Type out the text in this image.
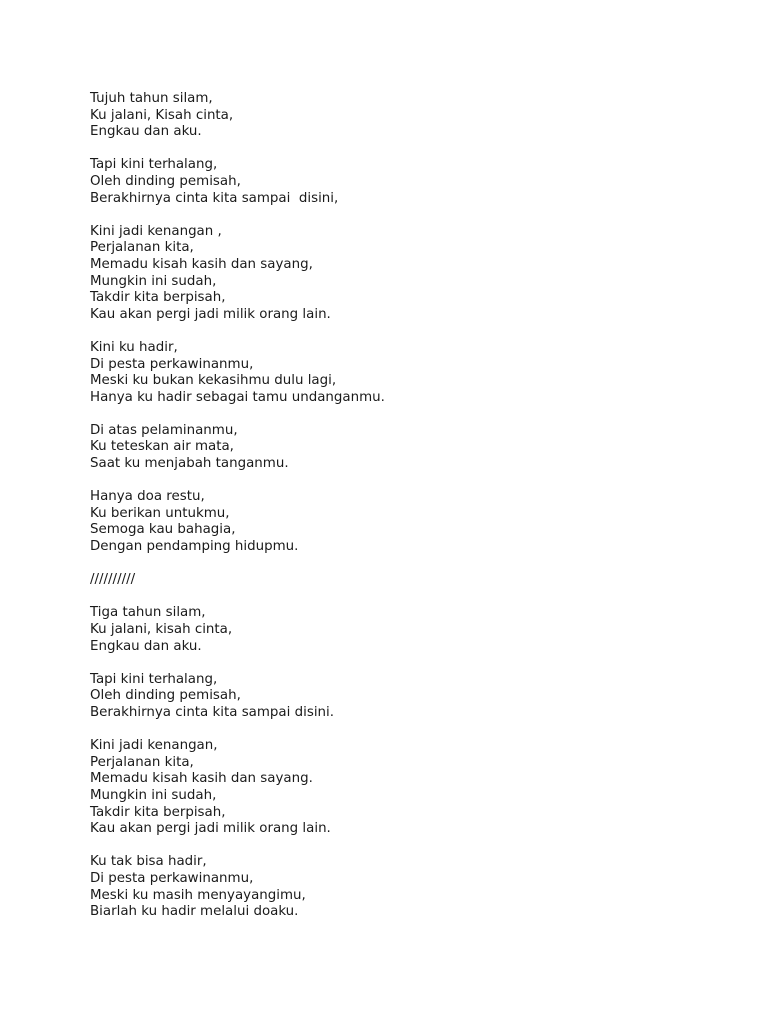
Tujuh tahun silam,
Ku jalani, Kisah cinta,
Engkau dan aku.
Tapi kini terhalang,
Oleh dinding pemisah,
Berakhirnya cinta kita sampai  disini,
Kini jadi kenangan ,
Perjalanan kita,
Memadu kisah kasih dan sayang,
Mungkin ini sudah,
Takdir kita berpisah,
Kau akan pergi jadi milik orang lain.
Kini ku hadir,
Di pesta perkawinanmu,
Meski ku bukan kekasihmu dulu lagi,
Hanya ku hadir sebagai tamu undanganmu.
Di atas pelaminanmu,
Ku teteskan air mata,
Saat ku menjabah tanganmu.
Hanya doa restu,
Ku berikan untukmu,
Semoga kau bahagia,
Dengan pendamping hidupmu.
//////////
Tiga tahun silam,
Ku jalani, kisah cinta,
Engkau dan aku.
Tapi kini terhalang,
Oleh dinding pemisah,
Berakhirnya cinta kita sampai disini.
Kini jadi kenangan,
Perjalanan kita,
Memadu kisah kasih dan sayang.
Mungkin ini sudah,
Takdir kita berpisah,
Kau akan pergi jadi milik orang lain.
Ku tak bisa hadir,
Di pesta perkawinanmu,
Meski ku masih menyayangimu,
Biarlah ku hadir melalui doaku.
